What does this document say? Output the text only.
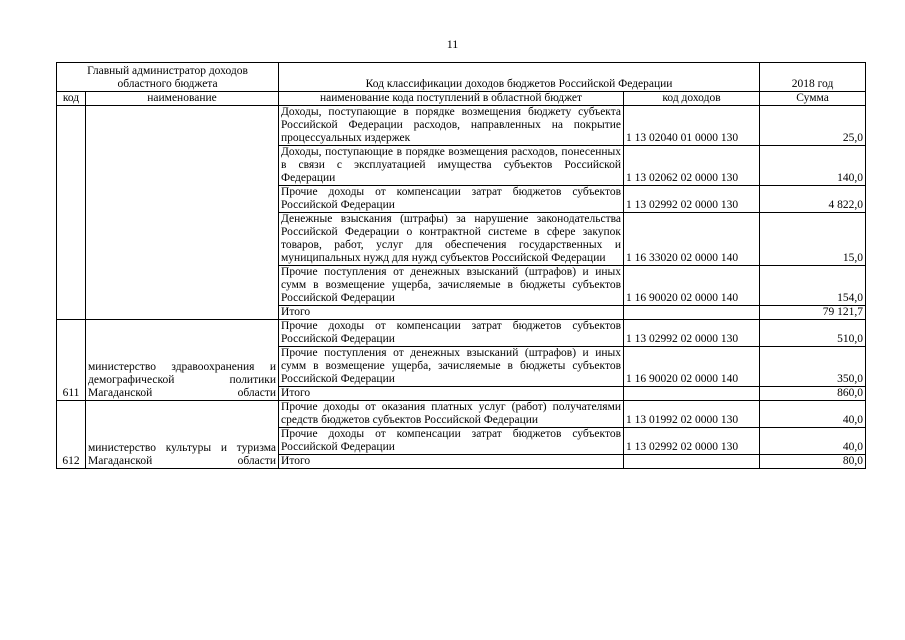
11
Главный администратор доходов областного бюджета		Код классификации доходов бюджетов Российской Федерации		2018 год
код	наименование	наименование кода поступлений в областной бюджет	код доходов	Сумма
		Доходы, поступающие в порядке возмещения бюджету субъекта Российской Федерации расходов, направленных на покрытие процессуальных издержек	1 13 02040 01 0000 130	25,0
		Доходы, поступающие в порядке возмещения расходов, понесенных в связи с эксплуатацией имущества субъектов Российской Федерации	1 13 02062 02 0000 130	140,0
		Прочие доходы от компенсации затрат бюджетов субъектов Российской Федерации	1 13 02992 02 0000 130	4 822,0
		Денежные взыскания (штрафы) за нарушение законодательства Российской Федерации о контрактной системе в сфере закупок товаров, работ, услуг для обеспечения государственных и муниципальных нужд для нужд субъектов Российской Федерации	1 16 33020 02 0000 140	15,0
		Прочие поступления от денежных взысканий (штрафов) и иных сумм в возмещение ущерба, зачисляемые в бюджеты субъектов Российской Федерации	1 16 90020 02 0000 140	154,0
		Итого		79 121,7
611	министерство здравоохранения и демографической политики Магаданской области	Прочие доходы от компенсации затрат бюджетов субъектов Российской Федерации	1 13 02992 02 0000 130	510,0
		Прочие поступления от денежных взысканий (штрафов) и иных сумм в возмещение ущерба, зачисляемые в бюджеты субъектов Российской Федерации	1 16 90020 02 0000 140	350,0
		Итого		860,0
612	министерство культуры и туризма Магаданской области	Прочие доходы от оказания платных услуг (работ) получателями средств бюджетов субъектов Российской Федерации	1 13 01992 02 0000 130	40,0
		Прочие доходы от компенсации затрат бюджетов субъектов Российской Федерации	1 13 02992 02 0000 130	40,0
		Итого		80,0
